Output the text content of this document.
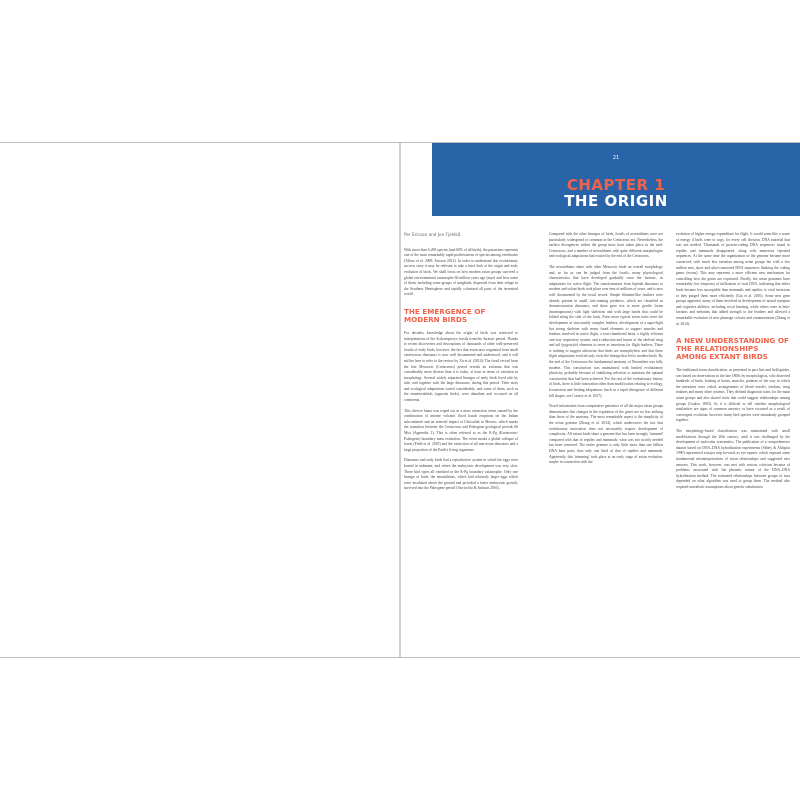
21
CHAPTER 1
THE ORIGIN

Per Ericson and Jon Fjeldså

With more than 6,200 species (and 60% of all birds), the passerines represent one of the most remarkably rapid proliferations of species among vertebrates (Alfaro et al. 2009; Ericson 2012). In order to understand this evolutionary success story it may be relevant to take a brief look at the origin and early evolution of birds. We shall focus on how modern avian groups survived a global environmental catastrophe 66 million years ago (mya) and how some of them, including some groups of songbirds, dispersed from their refuge in the Southern Hemisphere and rapidly colonized all parts of the terrestrial world.

THE EMERGENCE OF MODERN BIRDS

For decades, knowledge about the origin of birds was restricted to interpretations of the Archaeopteryx fossils from the Jurassic period. Thanks to recent discoveries and descriptions of thousands of other well-preserved fossils of early birds, however, the fact that avian taxa originated from small carnivorous dinosaurs is now well documented and understood, and it will suffice here to refer to the review by Xu et al. (2014). The fossil record from the late Mesozoic (Cretaceous) period reveals an avifauna that was considerably more diverse than it is today, at least in terms of variation in morphology. Several widely separated lineages of early birds lived side by side, and together with the large dinosaurs, during this period. Their sizes and ecological adaptations varied considerably, and some of them, such as the enantiornithids (opposite birds), were abundant and occurred on all continents.

This diverse fauna was wiped out in a mass extinction event caused by the combination of intense volcanic flood basalt eruptions on the Indian subcontinent and an asteroid impact at Chicxulub in Mexico, which marks the transition between the Cretaceous and Paleogene geological periods 66 Mya (Appendix 1). This is often referred to as the K-Pg (Kretaceous-Paleogene) boundary mass extinction. The event marks a global collapse of forest (Field et al. 2018) and the extinction of all non-avian dinosaurs and a large proportion of the Earth's living organisms.

Dinosaurs and early birds had a reproductive system in which the eggs were buried in sediment, and where the embryonic development was very slow. These bird types all vanished in the K-Pg boundary catastrophe. Only one lineage of birds, the neornithines, which laid relatively larger eggs which were incubated above the ground and provided a faster embryonic growth, survived into the Paleogene period (Varricchio & Jackson 2016).

Compared with the other lineages of birds, fossils of neornithines were not particularly widespread or common in the Cretaceous era. Nevertheless, the earliest divergences within the group must have taken place in the mid-Cretaceous, and a number of neornithines with quite different morphologies and ecological adaptations had existed by the end of the Cretaceous.

The neornithines share with other Mesozoic birds an overall morphology and, so far as can be judged from the fossils, many physiological characteristics that have developed gradually since the Jurassic, as adaptations for active flight. The transformation from bipedal dinosaurs to modern and volant birds took place over tens of millions of years, and is now well documented by the fossil record. Simple filament-like feathers were already present in small, fast-running predators, which are classified as dromaeosaurian dinosaurs, and these gave rise to more gracile forms (maniraptorans) with light skeletons and with large hands that could be folded along the side of the body. Even more typical avian traits were the development of structurally complex feathers, development of a super-light but strong skeleton with many fused elements to support muscles and tendons involved in active flight, a four-chambered heart, a highly efficient one-way respiratory system, and a reduction and fusion of the skeletal wing and tail (pygostyle) elements to serve as insertions for flight feathers. There is nothing to suggest otherwise that birds are monophyletic and that these flight adaptations evolved only on in the lineage that led to modern birds. By the end of the Cretaceous the fundamental anatomy of Neornithes was fully modern. This construction was maintained, with limited evolutionary plasticity, probably because of stabilizing selection to maintain the optimal construction that had been achieved. For the rest of the evolutionary history of birds, there is little innovation other than modification relating to ecology, locomotion and feeding adaptations (such as a rapid divergence of different bill shapes; see Cooney et al. 2017).

Novel information from comparative genomics of all the major avian groups demonstrates that changes in the regulation of the genes are no less striking than those of the anatomy. The most remarkable aspect is the simplicity of the avian genome (Zhang et al. 2014), which underscores the fact that evolutionary innovation does not necessarily require development of complexity. All extant birds share a genome that has been strongly 'trimmed' compared with that of reptiles and mammals; what was not strictly needed has been removed. The entire genome is only little more than one billion DNA base pairs, thus only one third of that of reptiles and mammals. Apparently, this 'trimming' took place at an early stage of avian evolution, maybe in connection with the

evolution of higher energy expenditure for flight. It would seem like a waste of energy if birds were to copy, for every cell division, DNA material that was not needed. Thousands of protein-coding DNA sequences found in reptiles and mammals disappeared, along with numerous repeated sequences. At the same time the organization of the genome became more conserved, with much less variation among avian groups but with a few million new, short and ultra-conserved DNA sequences flanking the coding genes (exons). This may represent a more efficient new mechanism for controlling how the genes are expressed. Finally, the avian genomes have remarkably low frequency of infiltration of viral DNA, indicating that either birds became less susceptible than mammals and reptiles to viral invasions or they purged them more efficiently (Gui et al. 2016). Some new gene groups appeared, many of them involved in development of neural synapses and cognitive abilities, including vocal learning, while others were in beta-keratins and melanins that added strength to the feathers and allowed a remarkable evolution of new plumage colours and ornamentation (Zhang et al. 2014).

A NEW UNDERSTANDING OF THE RELATIONSHIPS AMONG EXTANT BIRDS

The traditional avian classification, as presented in past lists and field guides, was based on observations in the late 1800s by morphologists, who dissected hundreds of birds, looking at bones, muscles, patterns of the way in which the intestines were coiled, arrangements of blood vessels, tendons, wing feathers and many other systems. They defined diagnostic traits for the main avian groups and also shared traits that could suggest relationships among groups (Gadow 1893). As it is difficult to tell whether morphological similarities are signs of common ancestry or have occurred as a result of convergent evolution, however, many bird species were mistakenly grouped together.

The morphology-based classification was maintained with small modifications through the 20th century, until it was challenged by the development of molecular systematics. The publication of a comprehensive dataset based on DNA–DNA hybridization experiments (Sibley & Ahlquist 1990) represented a major step forward, as eye-opener, which exposed some fundamental misinterpretations of avian relationships and suggested new answers. This work, however, was met with serious criticism because of problems associated with the phenetic nature of the DNA–DNA hybridization method. The estimated relationships between groups of taxa depended on what algorithm was used to group them. The method also required unrealistic assumptions about genetic substitution
